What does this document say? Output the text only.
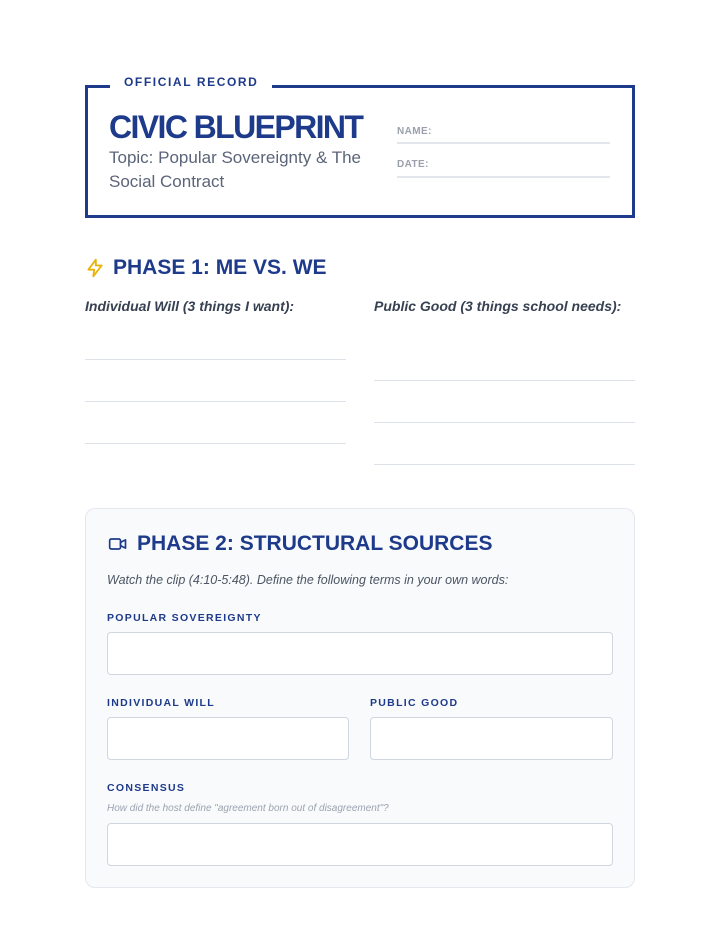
OFFICIAL RECORD
CIVIC BLUEPRINT
Topic: Popular Sovereignty & The Social Contract
NAME:
DATE:
PHASE 1: ME VS. WE
Individual Will (3 things I want):	Public Good (3 things school needs):
PHASE 2: STRUCTURAL SOURCES
Watch the clip (4:10-5:48). Define the following terms in your own words:
POPULAR SOVEREIGNTY
INDIVIDUAL WILL	PUBLIC GOOD
CONSENSUS
How did the host define "agreement born out of disagreement"?
